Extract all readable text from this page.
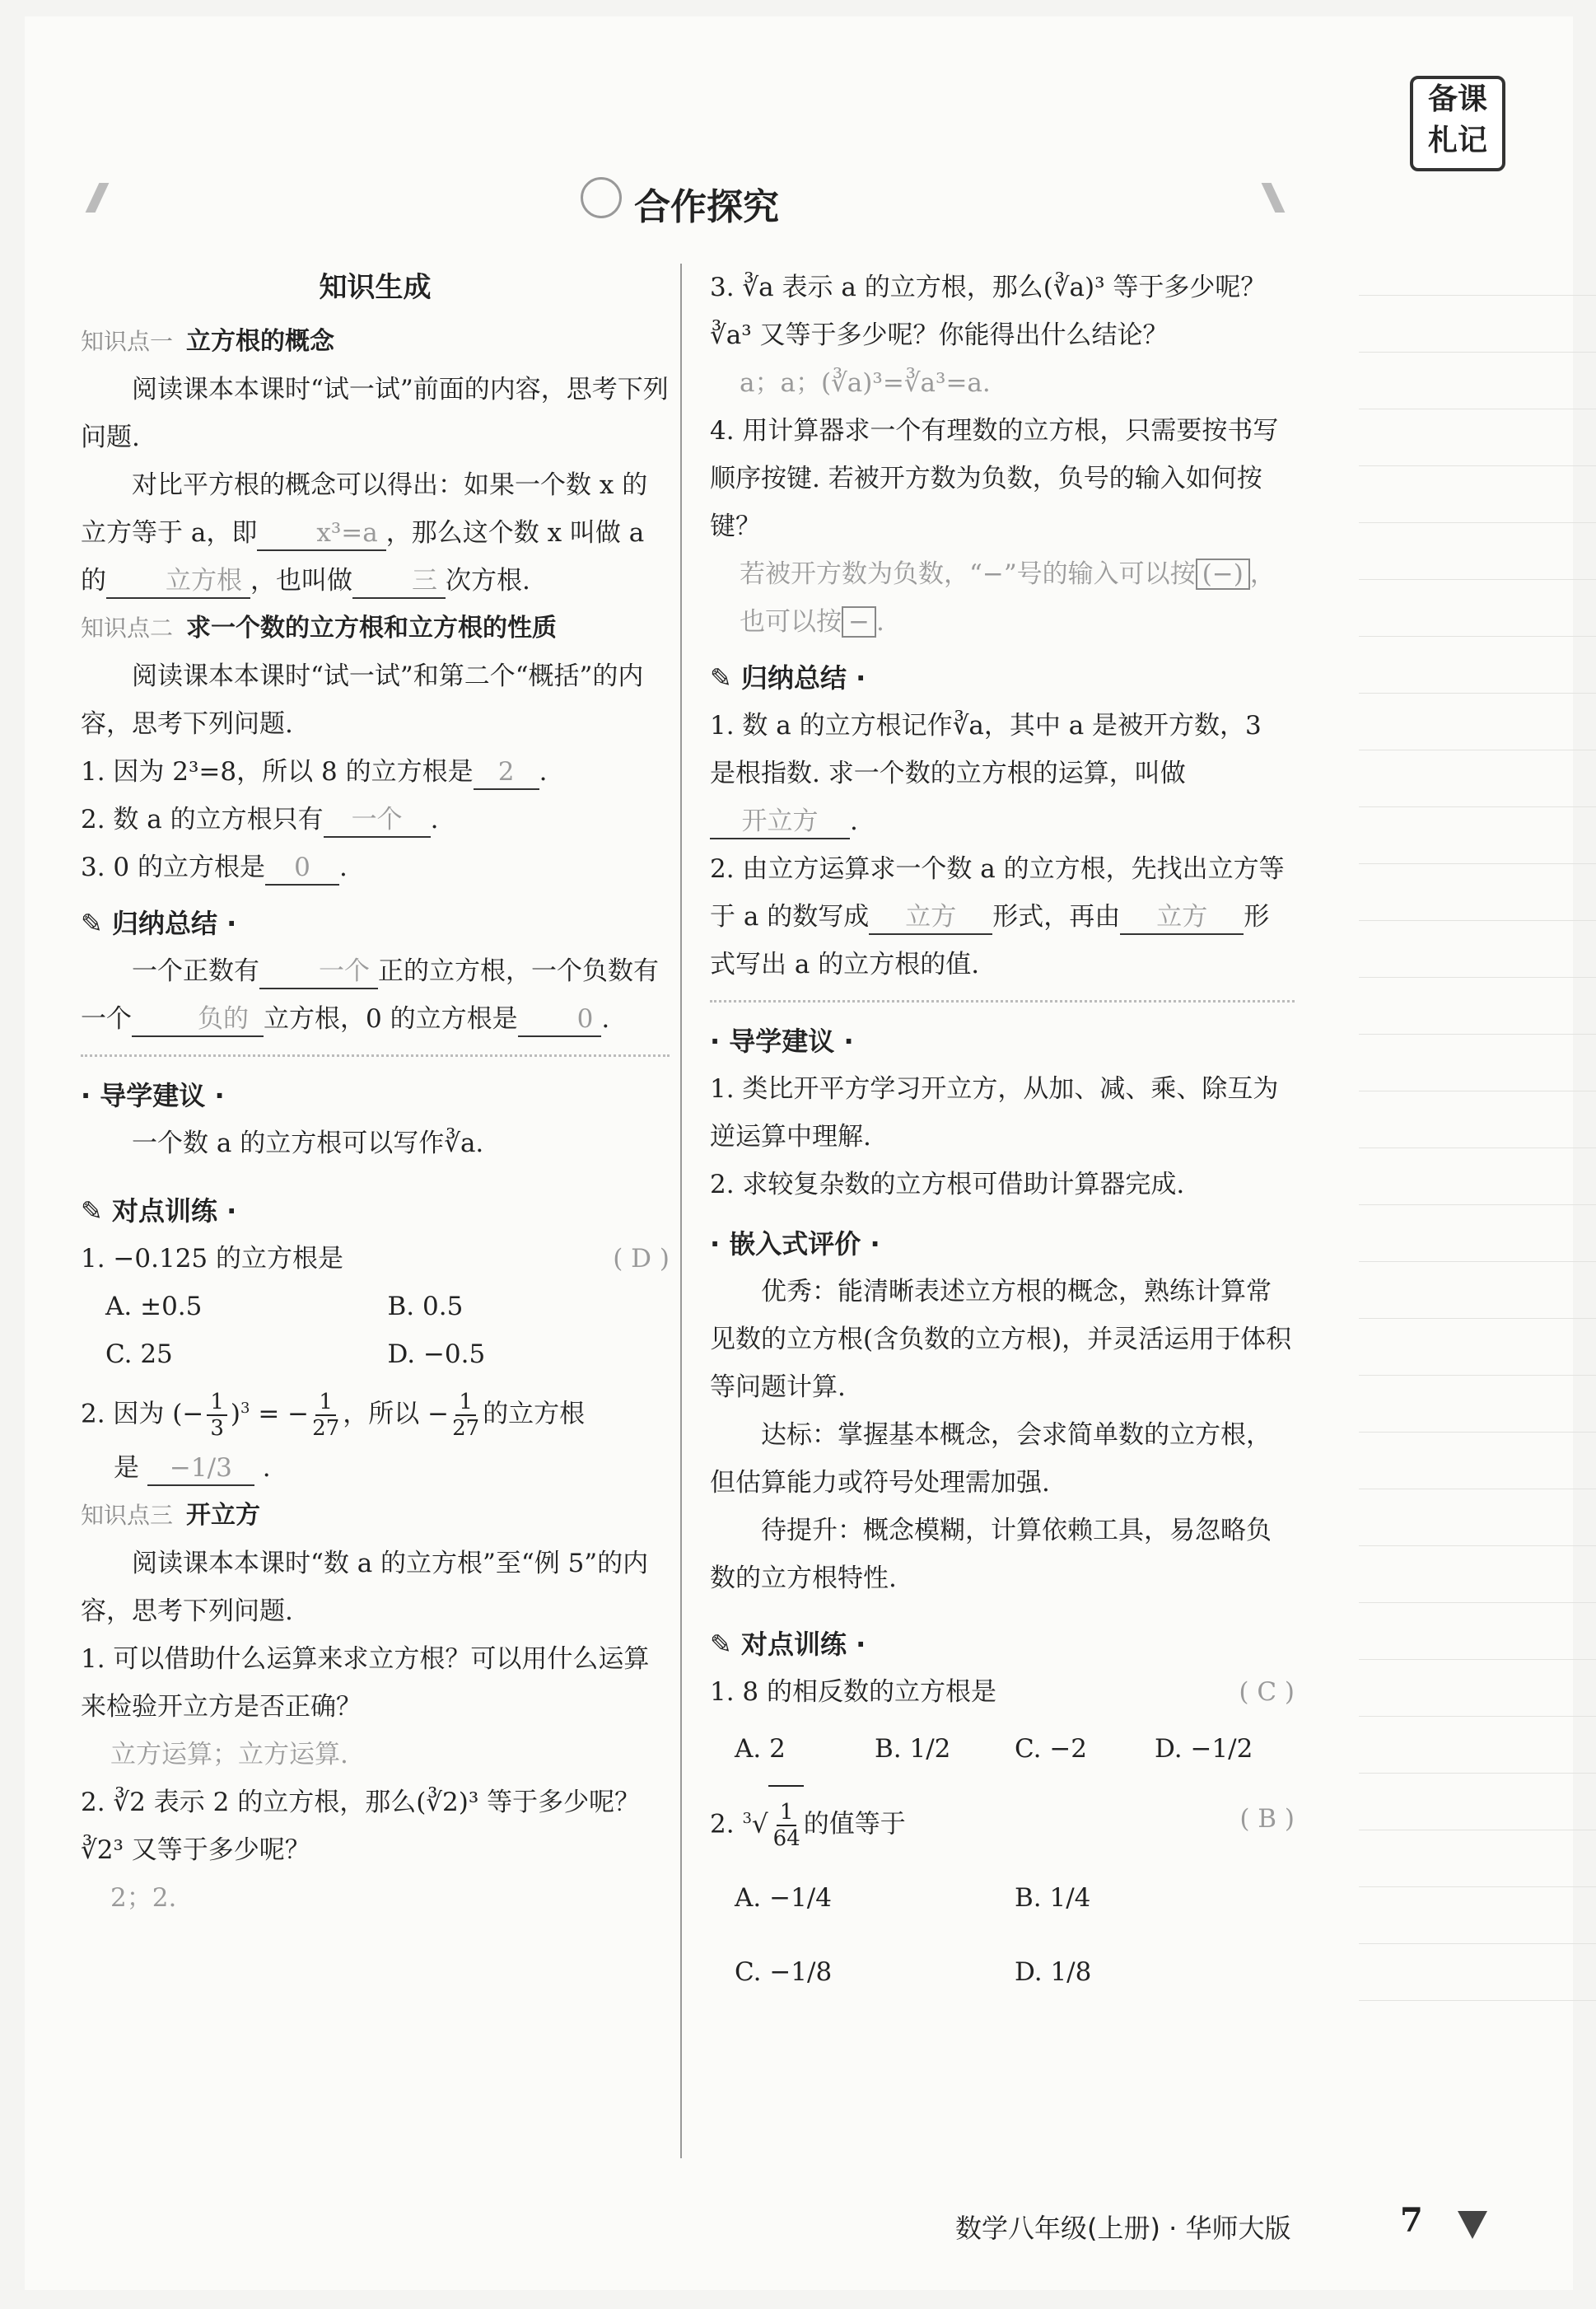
备课
札记
合作探究
知识生成
知识点一 立方根的概念
阅读课本本课时“试一试”前面的内容，思考下列问题.
对比平方根的概念可以得出：如果一个数 x 的立方等于 a，即 x³=a ，那么这个数 x 叫做 a 的 立方根 ，也叫做 三 次方根.
知识点二 求一个数的立方根和立方根的性质
阅读课本本课时“试一试”和第二个“概括”的内容，思考下列问题.
1. 因为 2³=8，所以 8 的立方根是 2 .
2. 数 a 的立方根只有 一个 .
3. 0 的立方根是 0 .
✎ 归纳总结 ·
一个正数有 一个 正的立方根，一个负数有一个	负的 立方根，0 的立方根是 0 .
· 导学建议 ·
一个数 a 的立方根可以写作∛a.
✎ 对点训练 ·
1. −0.125 的立方根是	( D )
A. ±0.5	B. 0.5
C. 25	D. −0.5
2. 因为 (− $\frac{1}{3} )^3$ = − $\frac{1}{27}$ ，所以 − $\frac{1}{27}$ 的立方根
是 −1/3 .
知识点三 开立方
阅读课本本课时“数 a 的立方根”至“例 5”的内容，思考下列问题.
1. 可以借助什么运算来求立方根？可以用什么运算来检验开立方是否正确？
立方运算；立方运算.
2. ∛2 表示 2 的立方根，那么(∛2)³ 等于多少呢？∛2³ 又等于多少呢？
2；2.
3. ∛a 表示 a 的立方根，那么(∛a)³ 等于多少呢？∛a³ 又等于多少呢？你能得出什么结论？
a；a；(∛a)³=∛a³=a.
4. 用计算器求一个有理数的立方根，只需要按书写顺序按键. 若被开方数为负数，负号的输入如何按键？
若被开方数为负数，“−”号的输入可以按 (−) ，也可以按 − .
✎ 归纳总结 ·
1. 数 a 的立方根记作∛a，其中 a 是被开方数，3 是根指数. 求一个数的立方根的运算，叫做开立方 .
2. 由立方运算求一个数 a 的立方根，先找出立方等于 a 的数写成 立方 形式，再由 立方 形式写出 a 的立方根的值.
· 导学建议 ·
1. 类比开平方学习开立方，从加、减、乘、除互为逆运算中理解.
2. 求较复杂数的立方根可借助计算器完成.
· 嵌入式评价 ·
优秀：能清晰表述立方根的概念，熟练计算常见数的立方根(含负数的立方根)，并灵活运用于体积等问题计算.
达标：掌握基本概念，会求简单数的立方根，但估算能力或符号处理需加强.
待提升：概念模糊，计算依赖工具，易忽略负数的立方根特性.
✎ 对点训练 ·
1. 8 的相反数的立方根是	( C )
A. 2	B. 1/2	C. −2	D. −1/2
2. $^3√ \frac{1}{64}$ 的值等于	( B )
A. −1/4	B. 1/4
C. −1/8	D. 1/8
数学八年级(上册) · 华师大版	7
